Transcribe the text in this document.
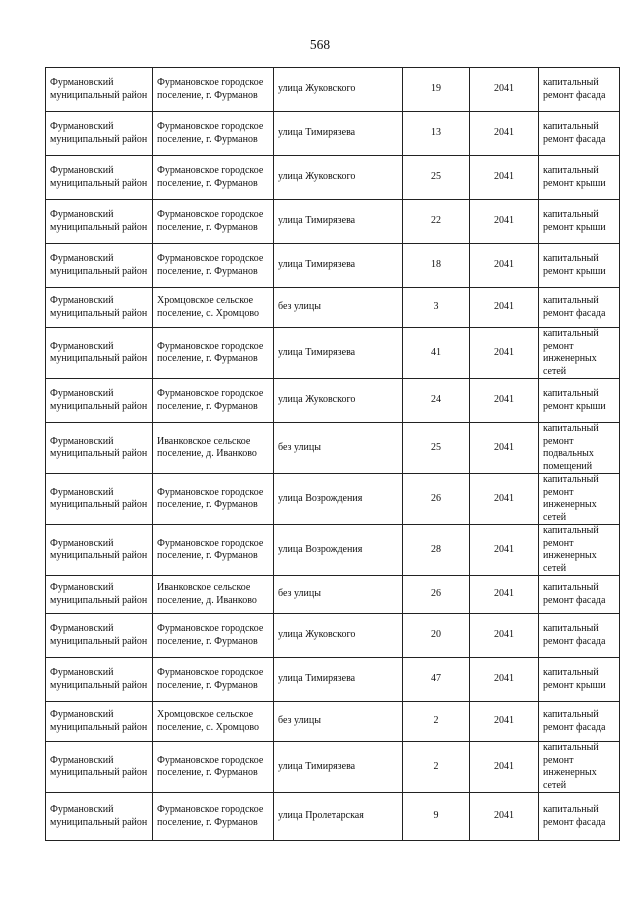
568
Фурмановский муниципальный район	Фурмановское городское поселение, г. Фурманов	улица Жуковского	19	2041	капитальный ремонт фасада
Фурмановский муниципальный район	Фурмановское городское поселение, г. Фурманов	улица Тимирязева	13	2041	капитальный ремонт фасада
Фурмановский муниципальный район	Фурмановское городское поселение, г. Фурманов	улица Жуковского	25	2041	капитальный ремонт крыши
Фурмановский муниципальный район	Фурмановское городское поселение, г. Фурманов	улица Тимирязева	22	2041	капитальный ремонт крыши
Фурмановский муниципальный район	Фурмановское городское поселение, г. Фурманов	улица Тимирязева	18	2041	капитальный ремонт крыши
Фурмановский муниципальный район	Хромцовское сельское поселение, с. Хромцово	без улицы	3	2041	капитальный ремонт фасада
Фурмановский муниципальный район	Фурмановское городское поселение, г. Фурманов	улица Тимирязева	41	2041	капитальный ремонт инженерных сетей
Фурмановский муниципальный район	Фурмановское городское поселение, г. Фурманов	улица Жуковского	24	2041	капитальный ремонт крыши
Фурмановский муниципальный район	Иванковское сельское поселение, д. Иванково	без улицы	25	2041	капитальный ремонт подвальных помещений
Фурмановский муниципальный район	Фурмановское городское поселение, г. Фурманов	улица Возрождения	26	2041	капитальный ремонт инженерных сетей
Фурмановский муниципальный район	Фурмановское городское поселение, г. Фурманов	улица Возрождения	28	2041	капитальный ремонт инженерных сетей
Фурмановский муниципальный район	Иванковское сельское поселение, д. Иванково	без улицы	26	2041	капитальный ремонт фасада
Фурмановский муниципальный район	Фурмановское городское поселение, г. Фурманов	улица Жуковского	20	2041	капитальный ремонт фасада
Фурмановский муниципальный район	Фурмановское городское поселение, г. Фурманов	улица Тимирязева	47	2041	капитальный ремонт крыши
Фурмановский муниципальный район	Хромцовское сельское поселение, с. Хромцово	без улицы	2	2041	капитальный ремонт фасада
Фурмановский муниципальный район	Фурмановское городское поселение, г. Фурманов	улица Тимирязева	2	2041	капитальный ремонт инженерных сетей
Фурмановский муниципальный район	Фурмановское городское поселение, г. Фурманов	улица Пролетарская	9	2041	капитальный ремонт фасада
